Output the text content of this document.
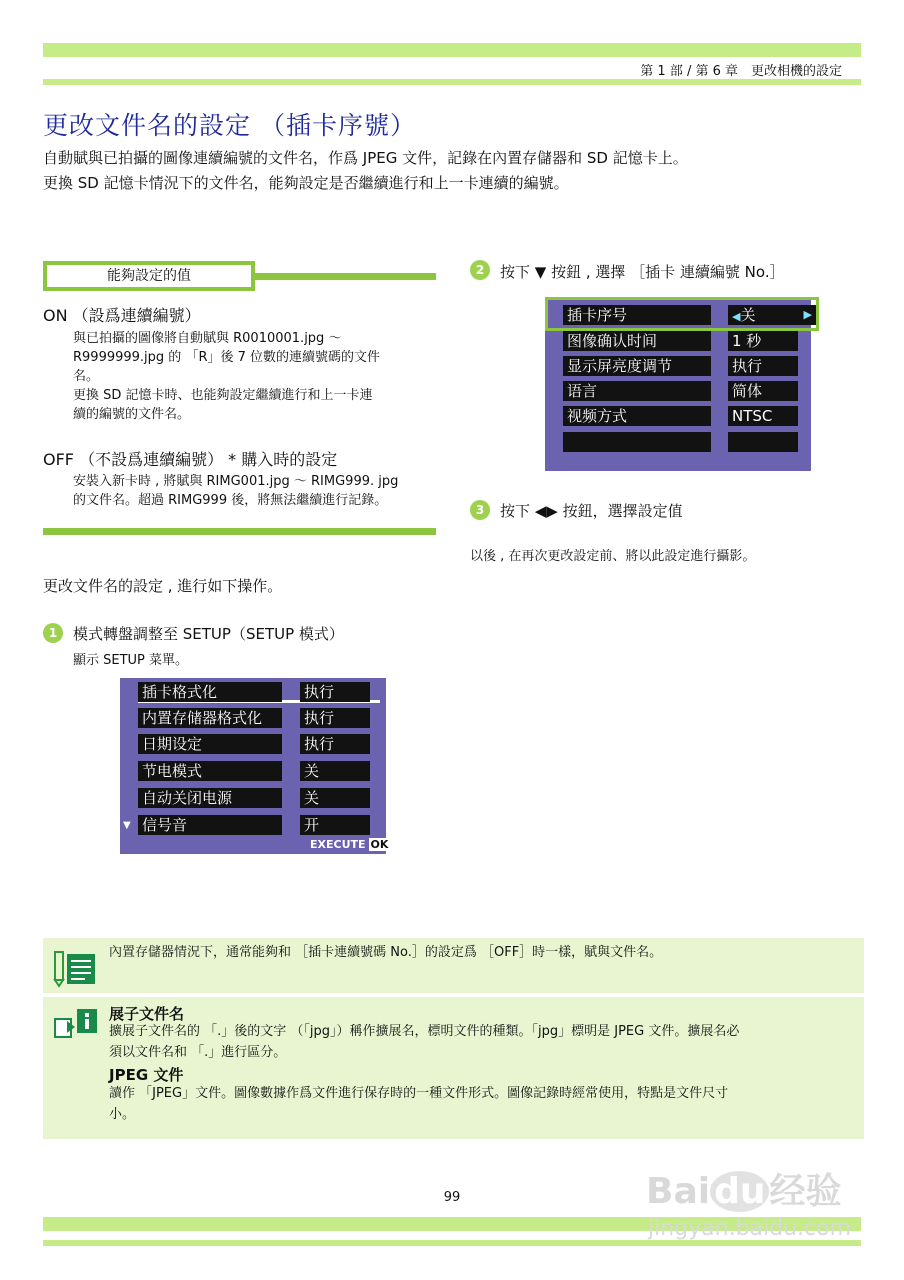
第 1 部 / 第 6 章　更改相機的設定
更改文件名的設定 （插卡序號）
自動賦與已拍攝的圖像連續編號的文件名，作爲 JPEG 文件，記錄在內置存儲器和 SD 記憶卡上。
更換 SD 記憶卡情況下的文件名，能夠設定是否繼續進行和上一卡連續的編號。
能夠設定的值
ON （設爲連續編號）
與已拍攝的圖像將自動賦與 R0010001.jpg ～
R9999999.jpg 的 「R」後 7 位數的連續號碼的文件
名。
更換 SD 記憶卡時、也能夠設定繼續進行和上一卡連
續的編號的文件名。
OFF （不設爲連續編號） * 購入時的設定
安裝入新卡時 , 將賦與 RIMG001.jpg ～ RIMG999. jpg
的文件名。超過 RIMG999 後，將無法繼續進行記錄。
更改文件名的設定 , 進行如下操作。
1	模式轉盤調整至 SETUP（SETUP 模式）
顯示 SETUP 菜單。
插卡格式化	执行
内置存储器格式化	执行
日期设定	执行
节电模式	关
自动关闭电源	关
信号音	开
▼
EXECUTE OK
2	按下 ▼ 按鈕 , 選擇 ［插卡 連續編號 No.］
插卡序号	◀关	▶
图像确认时间	1 秒
显示屏亮度调节	执行
语言	简体
视频方式	NTSC
3	按下 ◀▶ 按鈕，選擇設定值
以後 , 在再次更改設定前、將以此設定進行攝影。
內置存儲器情況下，通常能夠和 ［插卡連續號碼 No.］的設定爲 ［OFF］時一樣，賦與文件名。
展子文件名
擴展子文件名的 「.」後的文字 （「jpg」）稱作擴展名，標明文件的種類。「jpg」標明是 JPEG 文件。擴展名必
須以文件名和 「.」進行區分。
JPEG 文件
讀作 「JPEG」文件。圖像數據作爲文件進行保存時的一種文件形式。圖像記錄時經常使用，特點是文件尺寸
小。
99	Bai du 经验
jingyan.baidu.com
